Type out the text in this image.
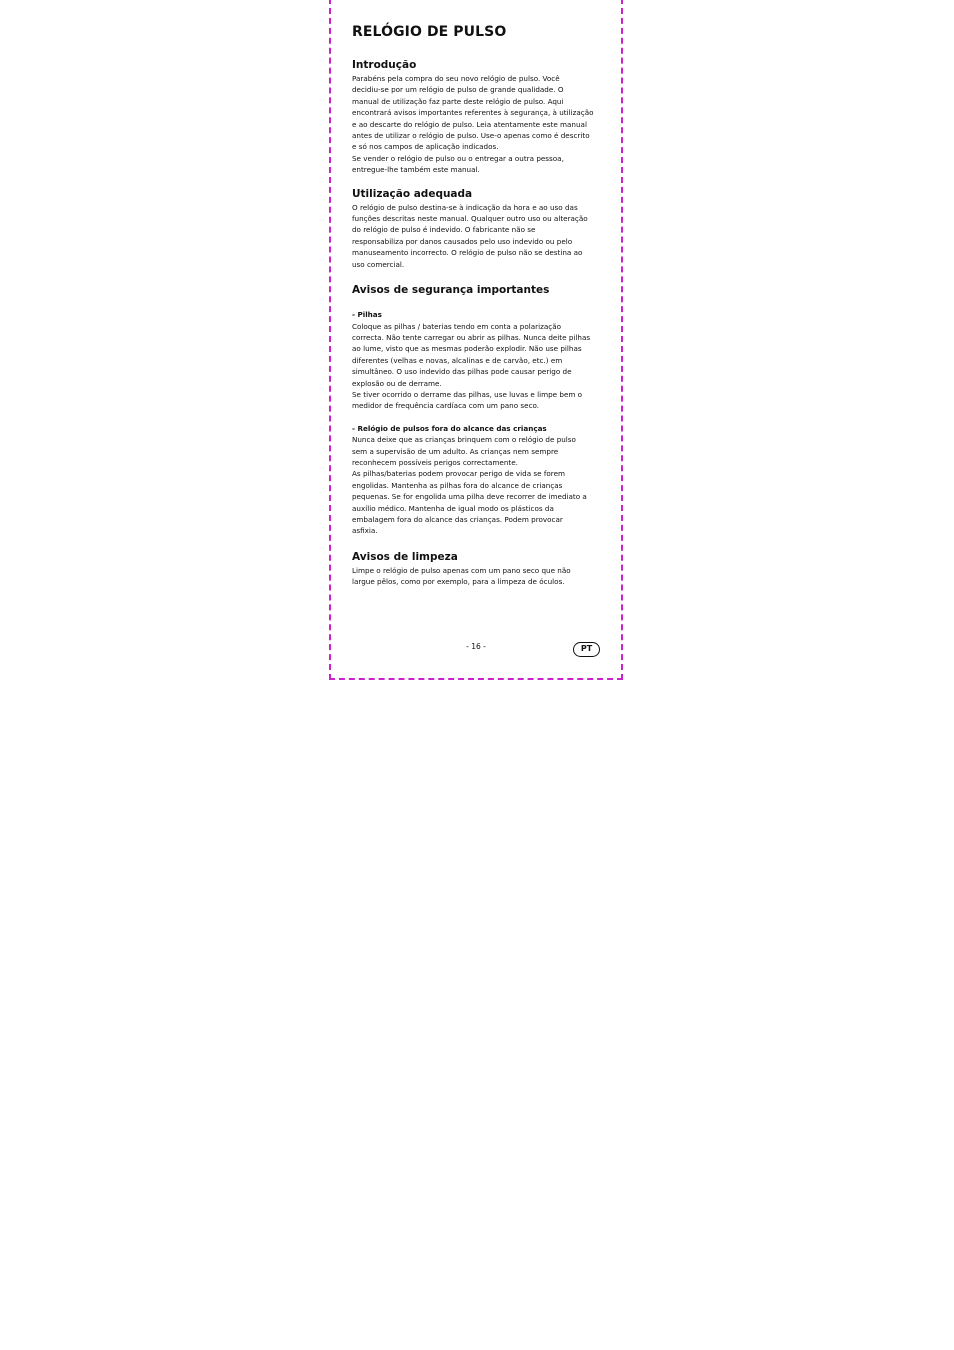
RELÓGIO DE PULSO
Introdução

Parabéns pela compra do seu novo relógio de pulso. Você
decidiu-se por um relógio de pulso de grande qualidade. O
manual de utilização faz parte deste relógio de pulso. Aqui
encontrará avisos importantes referentes à segurança, à utilização
e ao descarte do relógio de pulso. Leia atentamente este manual
antes de utilizar o relógio de pulso. Use-o apenas como é descrito
e só nos campos de aplicação indicados.
Se vender o relógio de pulso ou o entregar a outra pessoa,
entregue-lhe também este manual.

Utilização adequada

O relógio de pulso destina-se à indicação da hora e ao uso das
funções descritas neste manual. Qualquer outro uso ou alteração
do relógio de pulso é indevido. O fabricante não se
responsabiliza por danos causados pelo uso indevido ou pelo
manuseamento incorrecto. O relógio de pulso não se destina ao
uso comercial.

Avisos de segurança importantes

- Pilhas

Coloque as pilhas / baterias tendo em conta a polarização
correcta. Não tente carregar ou abrir as pilhas. Nunca deite pilhas
ao lume, visto que as mesmas poderão explodir. Não use pilhas
diferentes (velhas e novas, alcalinas e de carvão, etc.) em
simultâneo. O uso indevido das pilhas pode causar perigo de
explosão ou de derrame.
Se tiver ocorrido o derrame das pilhas, use luvas e limpe bem o
medidor de frequência cardíaca com um pano seco.

- Relógio de pulsos fora do alcance das crianças

Nunca deixe que as crianças brinquem com o relógio de pulso
sem a supervisão de um adulto. As crianças nem sempre
reconhecem possíveis perigos correctamente.
As pilhas/baterias podem provocar perigo de vida se forem
engolidas. Mantenha as pilhas fora do alcance de crianças
pequenas. Se for engolida uma pilha deve recorrer de imediato a
auxílio médico. Mantenha de igual modo os plásticos da
embalagem fora do alcance das crianças. Podem provocar
asfixia.

Avisos de limpeza

Limpe o relógio de pulso apenas com um pano seco que não
largue pêlos, como por exemplo, para a limpeza de óculos.

- 16 -	PT
